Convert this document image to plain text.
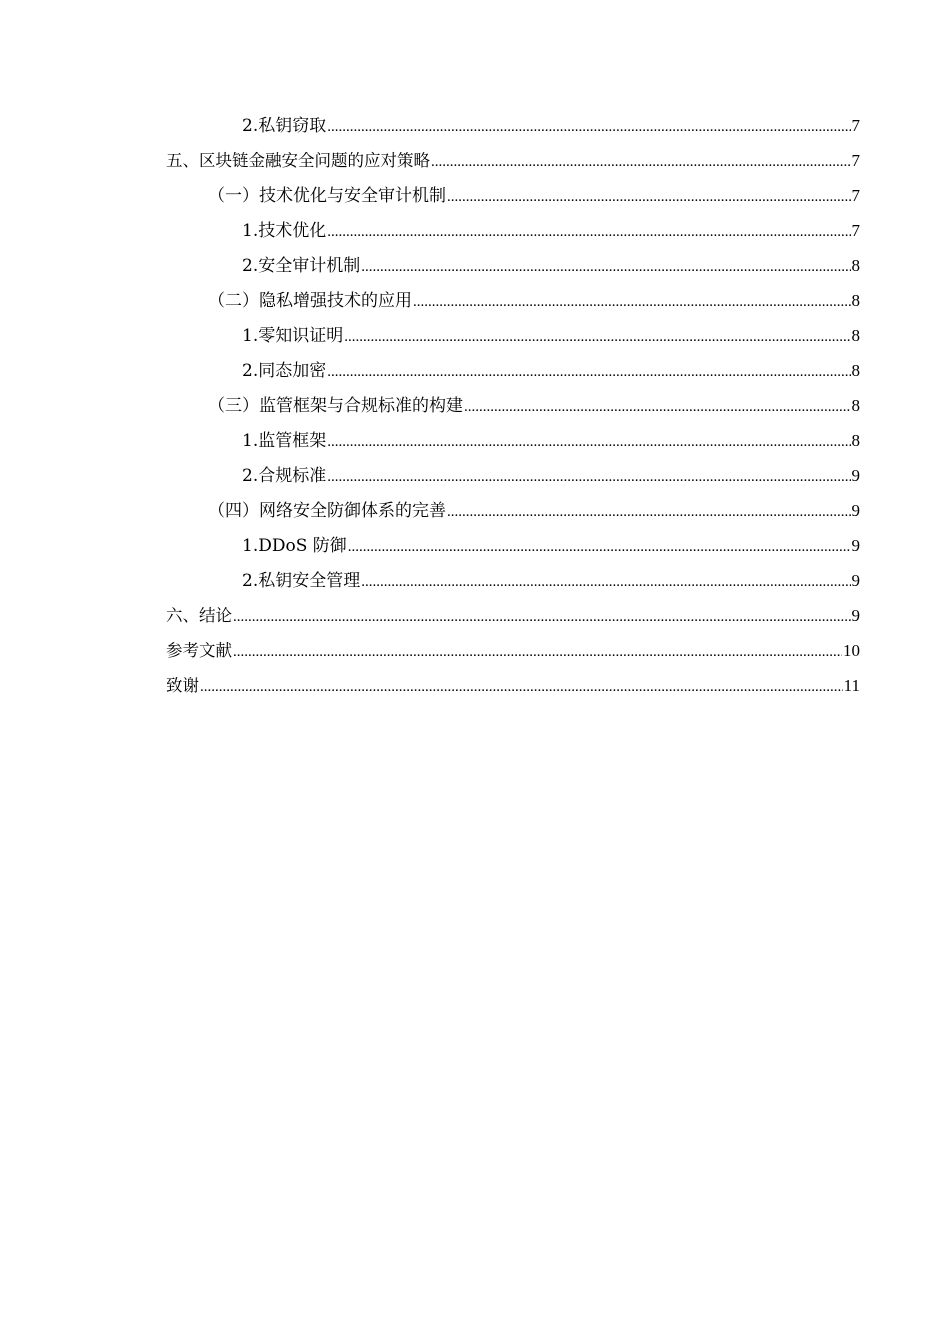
2.私钥窃取 .....	7
五、区块链金融安全问题的应对策略 .....	7
（一）技术优化与安全审计机制 .....	7
1.技术优化 .....	7
2.安全审计机制 .....	8
（二）隐私增强技术的应用 .....	8
1.零知识证明 .....	8
2.同态加密 .....	8
（三）监管框架与合规标准的构建 .....	8
1.监管框架 .....	8
2.合规标准 .....	9
（四）网络安全防御体系的完善 .....	9
1.DDoS 防御 .....	9
2.私钥安全管理 .....	9
六、结论 .....	9
参考文献 .....	10
致谢 .....	11
